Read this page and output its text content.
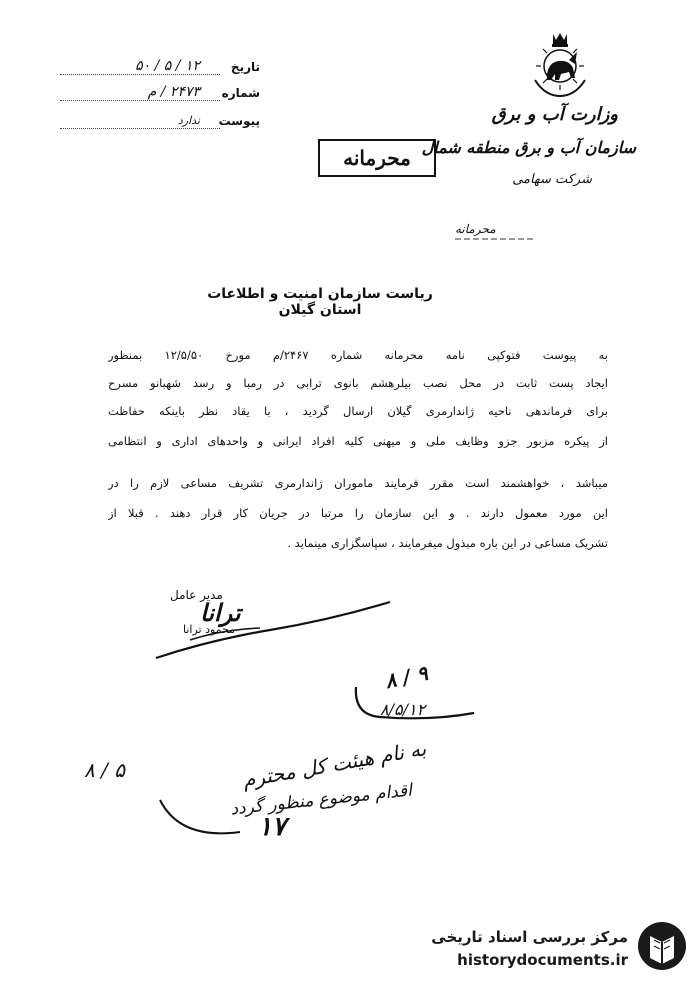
تاریخ
۱۲ / ۵ / ۵۰
شماره
۲۴۷۳ / م
پیوست
ندارد	وزارت آب و برق
سازمان آب و برق منطقه شمال
شرکت سهامی
محرمانه
محرمانه
ریاست سازمان امنیت و اطلاعات استان گیلان
به پیوست فتوکپی نامه محرمانه شماره ۲۴۶۷/م مورخ ۱۲/۵/۵۰ بمنظور
ایجاد پست ثابت در محل نصب بیلرهشم بانوی ترابی در رمبا و رسد شهبانو مسرح
برای فرماندهی ناحیه ژاندارمری گیلان ارسال گردید ، با یقاد نظر باینکه حفاظت
از پیکره مزبور جزو وظایف ملی و میهنی کلیه افراد ایرانی و واحدهای اداری و انتظامی
میباشد ، خواهشمند است مقرر فرمایند ماموران ژاندارمری تشریف مساعی لازم را در
این مورد معمول دارند . و این سازمان را مرتبا در جریان کار قرار دهند . قبلا از
تشریک مساعی در این باره مبذول میفرمایند ، سپاسگزاری مینماید .
مدیر عامل
ترانا
محمود ترانا
۹ / ۸
۸/۵/۱۲
به نام هیئت کل محترم
اقدام موضوع منظور گردد
۱۷
۵ / ۸
مرکز بررسی اسناد تاریخی
historydocuments.ir
